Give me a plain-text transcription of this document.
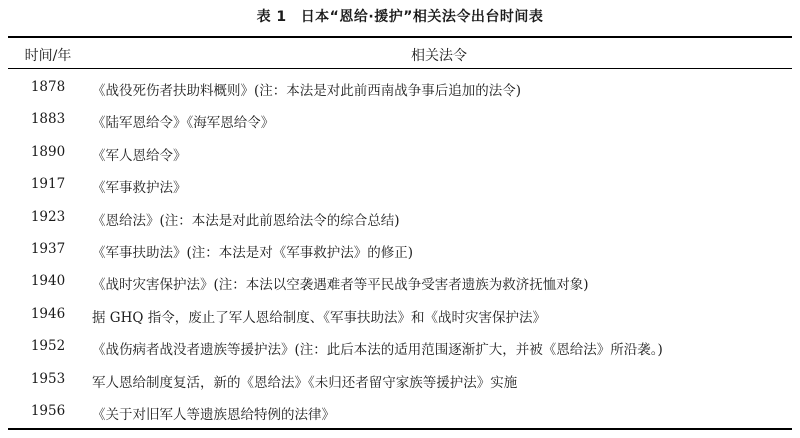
表 1 日本“恩给·援护”相关法令出台时间表
时间/年	相关法令
1878	《战役死伤者扶助料概则》(注：本法是对此前西南战争事后追加的法令)
1883	《陆军恩给令》《海军恩给令》
1890	《军人恩给令》
1917	《军事救护法》
1923	《恩给法》(注：本法是对此前恩给法令的综合总结)
1937	《军事扶助法》(注：本法是对《军事救护法》的修正)
1940	《战时灾害保护法》(注：本法以空袭遇难者等平民战争受害者遗族为救济抚恤对象)
1946	据 GHQ 指令，废止了军人恩给制度、《军事扶助法》和《战时灾害保护法》
1952	《战伤病者战没者遗族等援护法》(注：此后本法的适用范围逐渐扩大，并被《恩给法》所沿袭。)
1953	军人恩给制度复活，新的《恩给法》《未归还者留守家族等援护法》实施
1956	《关于对旧军人等遗族恩给特例的法律》
